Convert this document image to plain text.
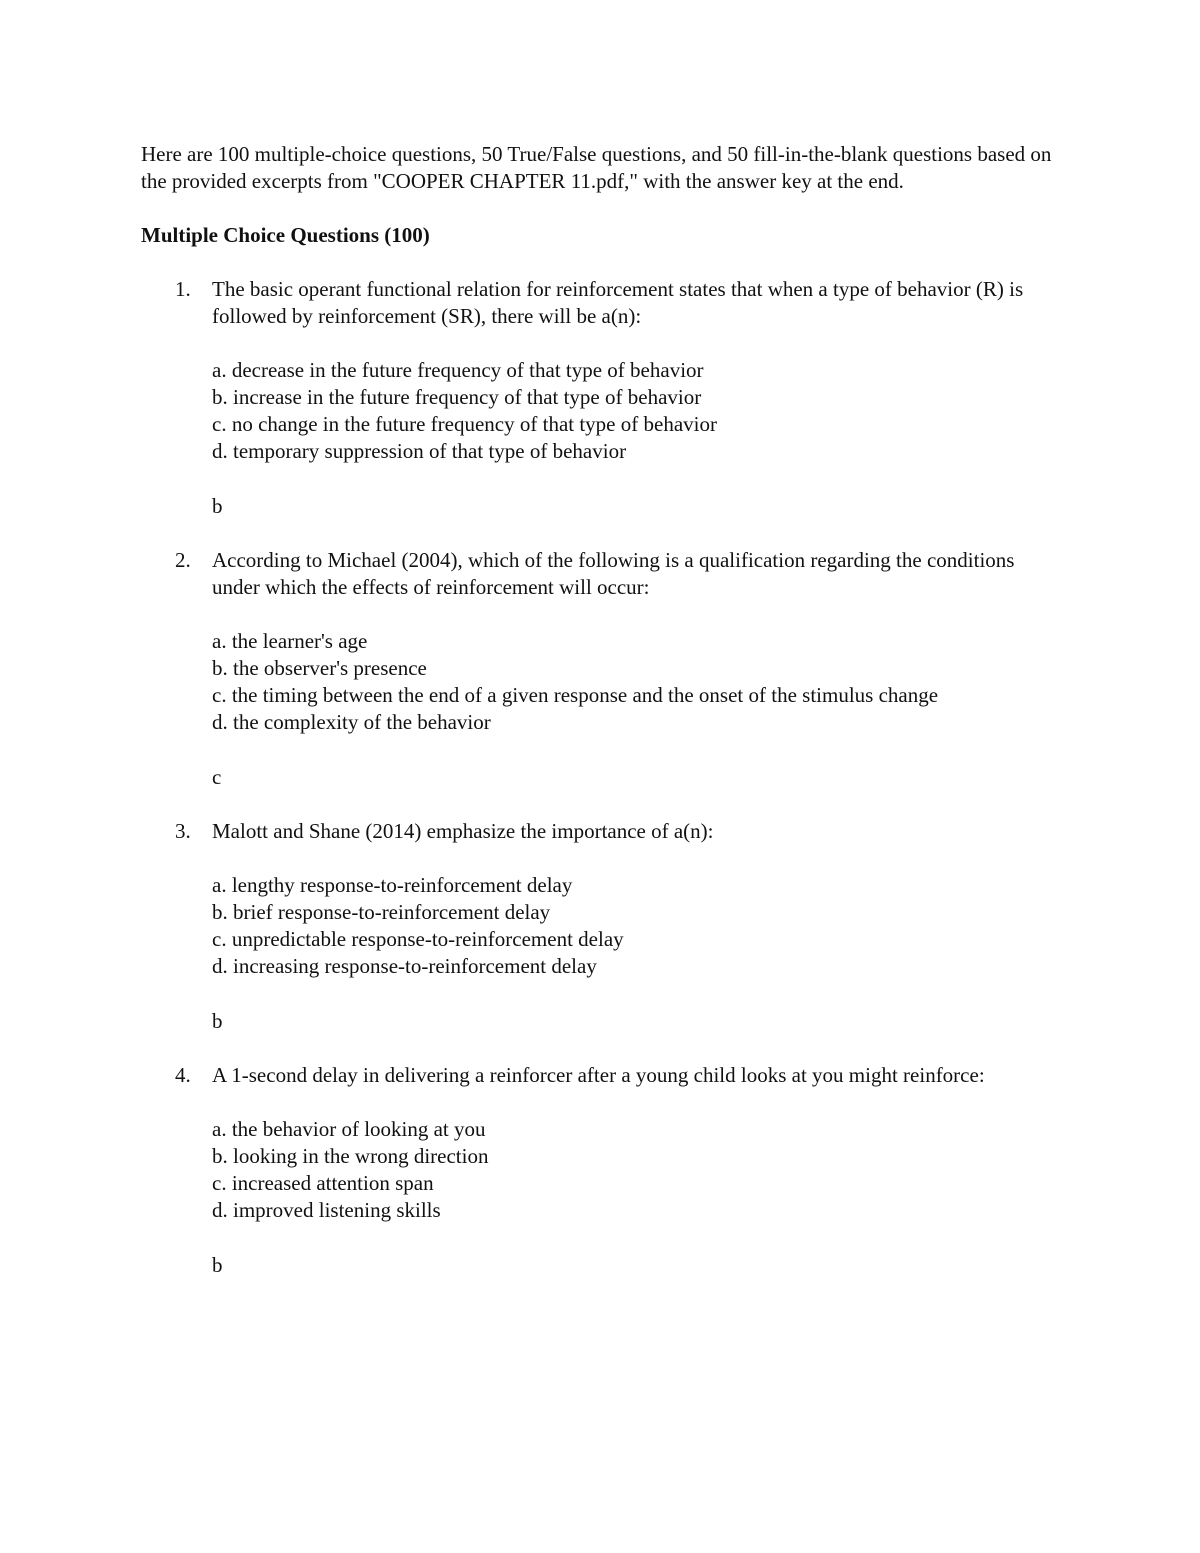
Here are 100 multiple-choice questions, 50 True/False questions, and 50 fill-in-the-blank questions based on the provided excerpts from "COOPER CHAPTER 11.pdf," with the answer key at the end.

Multiple Choice Questions (100)

1. The basic operant functional relation for reinforcement states that when a type of behavior (R) is followed by reinforcement (SR), there will be a(n):

a. decrease in the future frequency of that type of behavior
b. increase in the future frequency of that type of behavior
c. no change in the future frequency of that type of behavior
d. temporary suppression of that type of behavior
b
2. According to Michael (2004), which of the following is a qualification regarding the conditions under which the effects of reinforcement will occur:

a. the learner's age
b. the observer's presence
c. the timing between the end of a given response and the onset of the stimulus change
d. the complexity of the behavior
c
3. Malott and Shane (2014) emphasize the importance of a(n):

a. lengthy response-to-reinforcement delay
b. brief response-to-reinforcement delay
c. unpredictable response-to-reinforcement delay
d. increasing response-to-reinforcement delay
b
4. A 1-second delay in delivering a reinforcer after a young child looks at you might reinforce:

a. the behavior of looking at you
b. looking in the wrong direction
c. increased attention span
d. improved listening skills
b
